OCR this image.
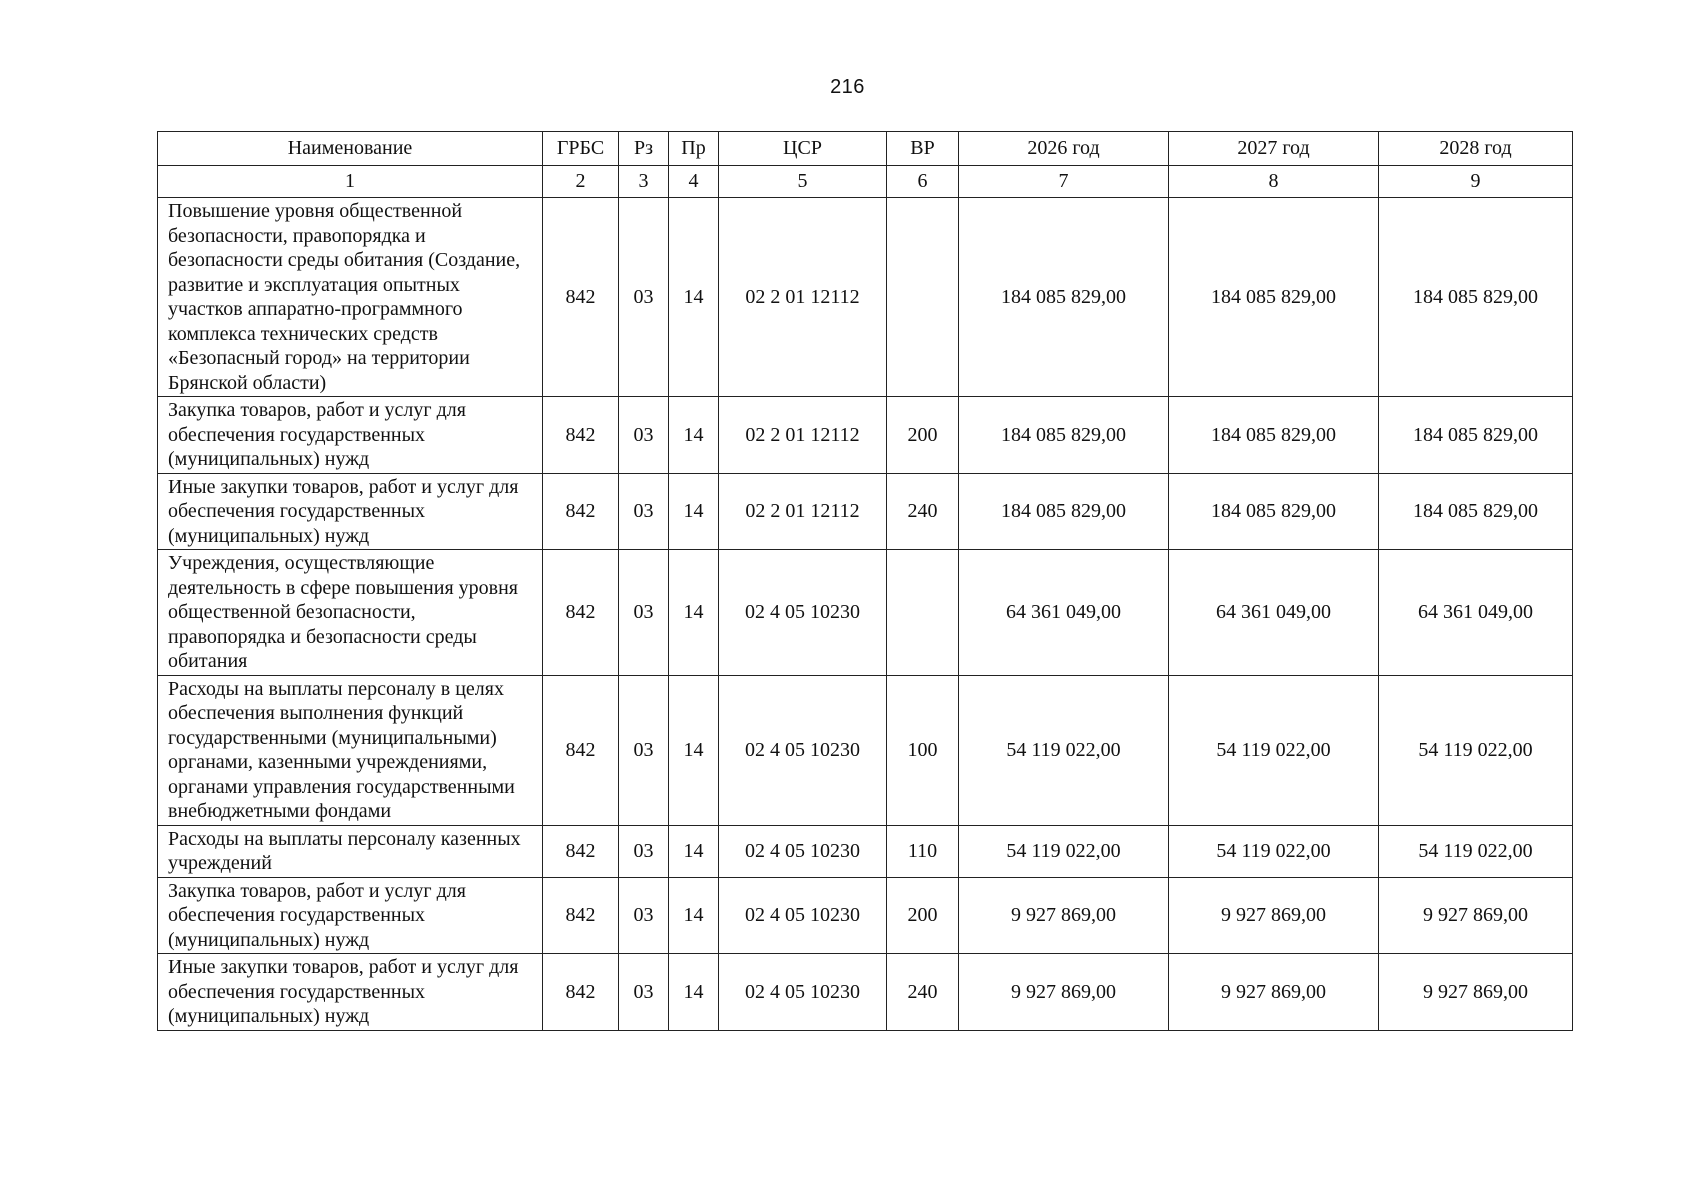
216
Наименование	ГРБС	Рз	Пр	ЦСР	ВР	2026 год	2027 год	2028 год
1	2	3	4	5	6	7	8	9
Повышение уровня общественной безопасности, правопорядка и безопасности среды обитания (Создание, развитие и эксплуатация опытных участков аппаратно-программного комплекса технических средств «Безопасный город» на территории Брянской области)	842	03	14	02 2 01 12112		184 085 829,00	184 085 829,00	184 085 829,00
Закупка товаров, работ и услуг для обеспечения государственных (муниципальных) нужд	842	03	14	02 2 01 12112	200	184 085 829,00	184 085 829,00	184 085 829,00
Иные закупки товаров, работ и услуг для обеспечения государственных (муниципальных) нужд	842	03	14	02 2 01 12112	240	184 085 829,00	184 085 829,00	184 085 829,00
Учреждения, осуществляющие деятельность в сфере повышения уровня общественной безопасности, правопорядка и безопасности среды обитания	842	03	14	02 4 05 10230		64 361 049,00	64 361 049,00	64 361 049,00
Расходы на выплаты персоналу в целях обеспечения выполнения функций государственными (муниципальными) органами, казенными учреждениями, органами управления государственными внебюджетными фондами	842	03	14	02 4 05 10230	100	54 119 022,00	54 119 022,00	54 119 022,00
Расходы на выплаты персоналу казенных учреждений	842	03	14	02 4 05 10230	110	54 119 022,00	54 119 022,00	54 119 022,00
Закупка товаров, работ и услуг для обеспечения государственных (муниципальных) нужд	842	03	14	02 4 05 10230	200	9 927 869,00	9 927 869,00	9 927 869,00
Иные закупки товаров, работ и услуг для обеспечения государственных (муниципальных) нужд	842	03	14	02 4 05 10230	240	9 927 869,00	9 927 869,00	9 927 869,00
